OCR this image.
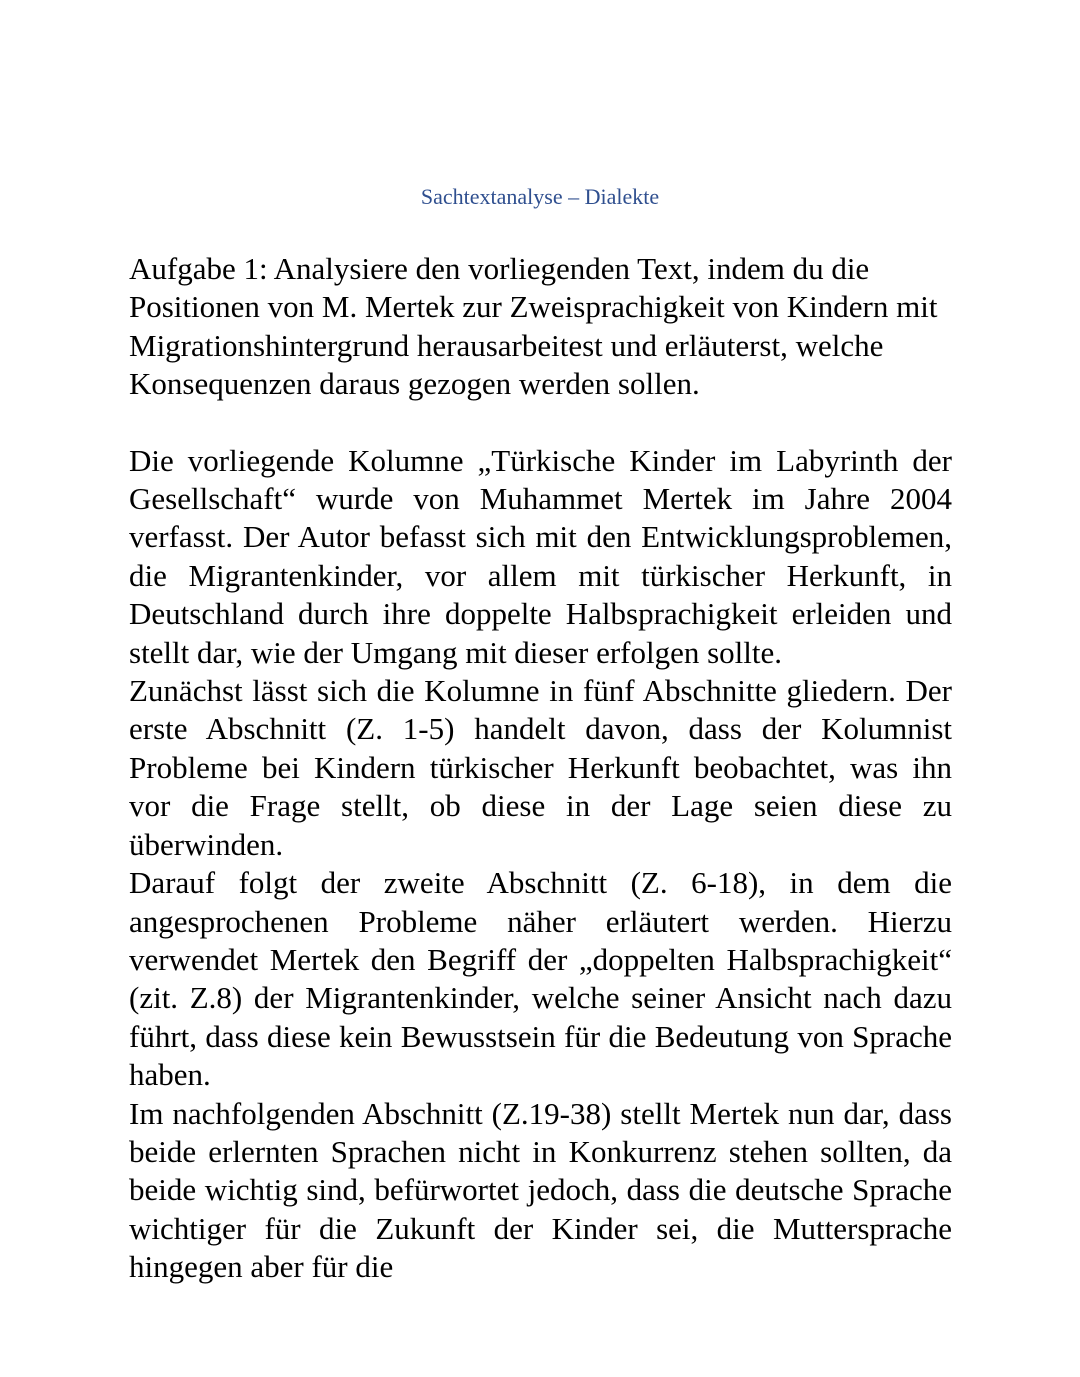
Sachtextanalyse – Dialekte

Aufgabe 1: Analysiere den vorliegenden Text, indem du die Positionen von M. Mertek zur Zweisprachigkeit von Kindern mit Migrationshintergrund herausarbeitest und erläuterst, welche Konsequenzen daraus gezogen werden sollen.

Die vorliegende Kolumne „Türkische Kinder im Labyrinth der Gesellschaft“ wurde von Muhammet Mertek im Jahre 2004 verfasst. Der Autor befasst sich mit den Entwicklungsproblemen, die Migrantenkinder, vor allem mit türkischer Herkunft, in Deutschland durch ihre doppelte Halbsprachigkeit erleiden und stellt dar, wie der Umgang mit dieser erfolgen sollte.

Zunächst lässt sich die Kolumne in fünf Abschnitte gliedern. Der erste Abschnitt (Z. 1-5) handelt davon, dass der Kolumnist Probleme bei Kindern türkischer Herkunft beobachtet, was ihn vor die Frage stellt, ob diese in der Lage seien diese zu überwinden.

Darauf folgt der zweite Abschnitt (Z. 6-18), in dem die angesprochenen Probleme näher erläutert werden. Hierzu verwendet Mertek den Begriff der „doppelten Halbsprachigkeit“ (zit. Z.8) der Migrantenkinder, welche seiner Ansicht nach dazu führt, dass diese kein Bewusstsein für die Bedeutung von Sprache haben.

Im nachfolgenden Abschnitt (Z.19-38) stellt Mertek nun dar, dass beide erlernten Sprachen nicht in Konkurrenz stehen sollten, da beide wichtig sind, befürwortet jedoch, dass die deutsche Sprache wichtiger für die Zukunft der Kinder sei, die Muttersprache hingegen aber für die
